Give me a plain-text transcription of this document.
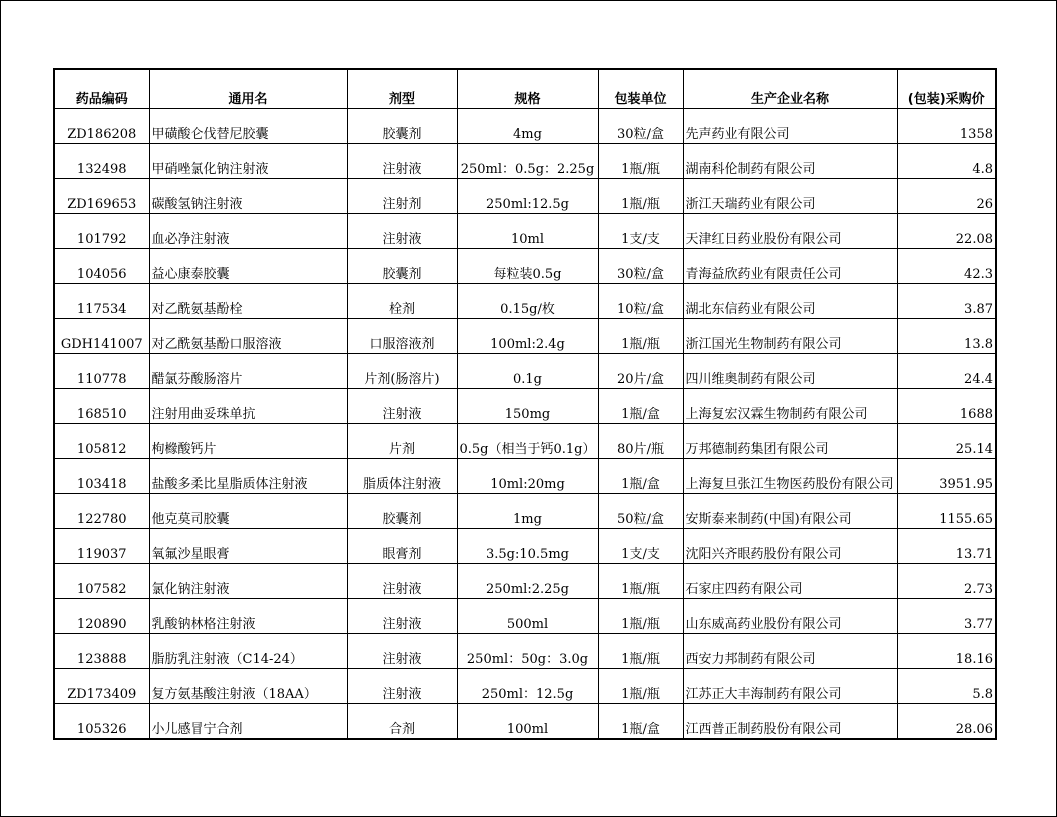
药品编码	通用名	剂型	规格	包装单位	生产企业名称	(包装)采购价
ZD186208	甲磺酸仑伐替尼胶囊	胶囊剂	4mg	30粒/盒	先声药业有限公司	1358
132498	甲硝唑氯化钠注射液	注射液	250ml：0.5g：2.25g	1瓶/瓶	湖南科伦制药有限公司	4.8
ZD169653	碳酸氢钠注射液	注射剂	250ml:12.5g	1瓶/瓶	浙江天瑞药业有限公司	26
101792	血必净注射液	注射液	10ml	1支/支	天津红日药业股份有限公司	22.08
104056	益心康泰胶囊	胶囊剂	每粒装0.5g	30粒/盒	青海益欣药业有限责任公司	42.3
117534	对乙酰氨基酚栓	栓剂	0.15g/枚	10粒/盒	湖北东信药业有限公司	3.87
GDH141007	对乙酰氨基酚口服溶液	口服溶液剂	100ml:2.4g	1瓶/瓶	浙江国光生物制药有限公司	13.8
110778	醋氯芬酸肠溶片	片剂(肠溶片)	0.1g	20片/盒	四川维奥制药有限公司	24.4
168510	注射用曲妥珠单抗	注射液	150mg	1瓶/盒	上海复宏汉霖生物制药有限公司	1688
105812	枸橼酸钙片	片剂	0.5g（相当于钙0.1g）	80片/瓶	万邦德制药集团有限公司	25.14
103418	盐酸多柔比星脂质体注射液	脂质体注射液	10ml:20mg	1瓶/盒	上海复旦张江生物医药股份有限公司	3951.95
122780	他克莫司胶囊	胶囊剂	1mg	50粒/盒	安斯泰来制药(中国)有限公司	1155.65
119037	氧氟沙星眼膏	眼膏剂	3.5g:10.5mg	1支/支	沈阳兴齐眼药股份有限公司	13.71
107582	氯化钠注射液	注射液	250ml:2.25g	1瓶/瓶	石家庄四药有限公司	2.73
120890	乳酸钠林格注射液	注射液	500ml	1瓶/瓶	山东威高药业股份有限公司	3.77
123888	脂肪乳注射液（C14-24）	注射液	250ml：50g：3.0g	1瓶/瓶	西安力邦制药有限公司	18.16
ZD173409	复方氨基酸注射液（18AA）	注射液	250ml：12.5g	1瓶/瓶	江苏正大丰海制药有限公司	5.8
105326	小儿感冒宁合剂	合剂	100ml	1瓶/盒	江西普正制药股份有限公司	28.06
